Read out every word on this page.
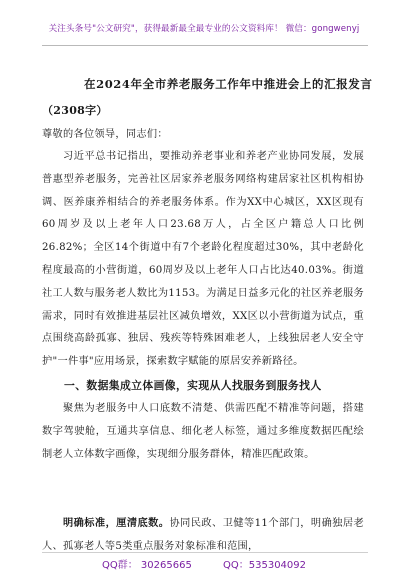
关注头条号"公文研究"，获得最新最全最专业的公文资料库！ 微信：gongwenyj
在2024年全市养老服务工作年中推进会上的汇报发言

（2308字）
尊敬的各位领导，同志们：

习近平总书记指出，要推动养老事业和养老产业协同发展，发展普惠型养老服务，完善社区居家养老服务网络构建居家社区机构相协调、医养康养相结合的养老服务体系。作为XX中心城区，XX区现有60周岁及以上老年人口23.68万人，占全区户籍总人口比例26.82%；全区14个街道中有7个老龄化程度超过30%，其中老龄化程度最高的小营街道，60周岁及以上老年人口占比达40.03%。街道社工人数与服务老人数比为1153。为满足日益多元化的社区养老服务需求，同时有效推进基层社区减负增效，XX区以小营街道为试点，重点围绕高龄孤寡、独居、残疾等特殊困难老人，上线独居老人安全守护"一件事"应用场景，探索数字赋能的原居安养新路径。

一、数据集成立体画像，实现从人找服务到服务找人

聚焦为老服务中人口底数不清楚、供需匹配不精准等问题，搭建数字驾驶舱，互通共享信息、细化老人标签，通过多维度数据匹配绘制老人立体数字画像，实现细分服务群体，精准匹配政策。

明确标准，厘清底数。协同民政、卫健等11个部门，明确独居老人、孤寡老人等5类重点服务对象标准和范围，

QQ群： 30265665	QQ：535304092
